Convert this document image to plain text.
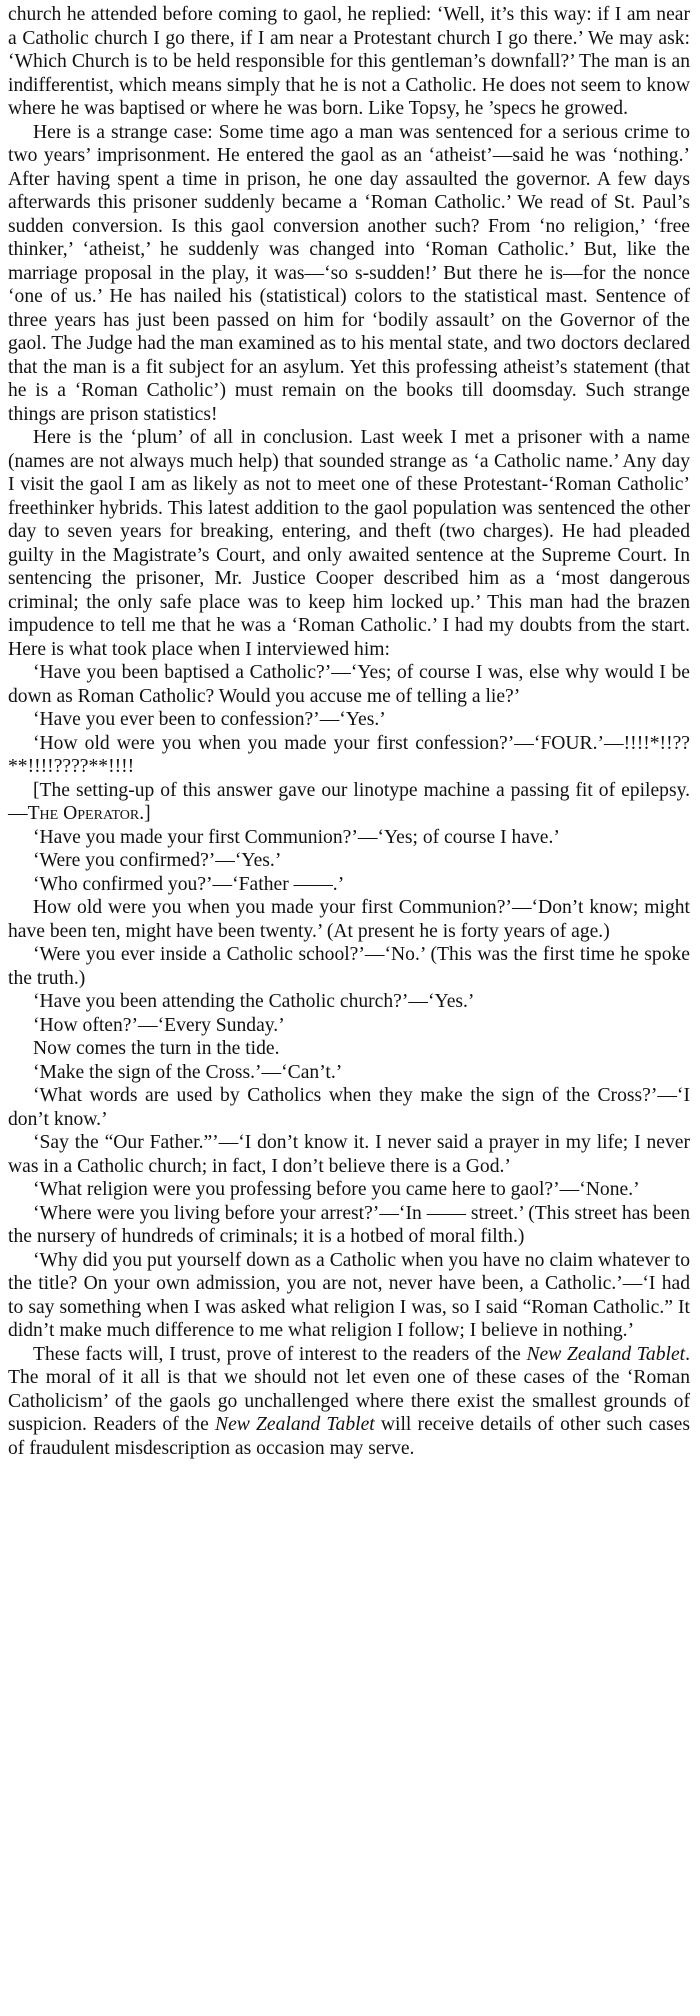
church he attended before coming to gaol, he replied: ‘Well, it’s this way: if I am near a Catholic church I go there, if I am near a Protestant church I go there.’ We may ask: ‘Which Church is to be held responsible for this gentleman’s downfall?’ The man is an indifferentist, which means simply that he is not a Catholic. He does not seem to know where he was baptised or where he was born. Like Topsy, he ’specs he growed.

Here is a strange case: Some time ago a man was sentenced for a serious crime to two years’ imprisonment. He entered the gaol as an ‘atheist’—said he was ‘nothing.’ After having spent a time in prison, he one day assaulted the governor. A few days afterwards this prisoner suddenly became a ‘Roman Catholic.’ We read of St. Paul’s sudden conversion. Is this gaol conversion another such? From ‘no religion,’ ‘free thinker,’ ‘atheist,’ he suddenly was changed into ‘Roman Catholic.’ But, like the marriage proposal in the play, it was—‘so s-sudden!’ But there he is—for the nonce ‘one of us.’ He has nailed his (statistical) colors to the statistical mast. Sentence of three years has just been passed on him for ‘bodily assault’ on the Governor of the gaol. The Judge had the man examined as to his mental state, and two doctors declared that the man is a fit subject for an asylum. Yet this professing atheist’s statement (that he is a ‘Roman Catholic’) must remain on the books till doomsday. Such strange things are prison statistics!

Here is the ‘plum’ of all in conclusion. Last week I met a prisoner with a name (names are not always much help) that sounded strange as ‘a Catholic name.’ Any day I visit the gaol I am as likely as not to meet one of these Protestant-‘Roman Catholic’ freethinker hybrids. This latest addition to the gaol population was sentenced the other day to seven years for breaking, entering, and theft (two charges). He had pleaded guilty in the Magistrate’s Court, and only awaited sentence at the Supreme Court. In sentencing the prisoner, Mr. Justice Cooper described him as a ‘most dangerous criminal; the only safe place was to keep him locked up.’ This man had the brazen impudence to tell me that he was a ‘Roman Catholic.’ I had my doubts from the start. Here is what took place when I interviewed him:

‘Have you been baptised a Catholic?’—‘Yes; of course I was, else why would I be down as Roman Catholic? Would you accuse me of telling a lie?’

‘Have you ever been to confession?’—‘Yes.’

‘How old were you when you made your first confession?’—‘FOUR.’—!!!!*!!??**!!!!????**!!!!

[The setting-up of this answer gave our linotype machine a passing fit of epilepsy.—The Operator.]

‘Have you made your first Communion?’—‘Yes; of course I have.’

‘Were you confirmed?’—‘Yes.’

‘Who confirmed you?’—‘Father ——.’

How old were you when you made your first Communion?’—‘Don’t know; might have been ten, might have been twenty.’ (At present he is forty years of age.)

‘Were you ever inside a Catholic school?’—‘No.’ (This was the first time he spoke the truth.)

‘Have you been attending the Catholic church?’—‘Yes.’

‘How often?’—‘Every Sunday.’

Now comes the turn in the tide.

‘Make the sign of the Cross.’—‘Can’t.’

‘What words are used by Catholics when they make the sign of the Cross?’—‘I don’t know.’

‘Say the “Our Father.”’—‘I don’t know it. I never said a prayer in my life; I never was in a Catholic church; in fact, I don’t believe there is a God.’

‘What religion were you professing before you came here to gaol?’—‘None.’

‘Where were you living before your arrest?’—‘In —— street.’ (This street has been the nursery of hundreds of criminals; it is a hotbed of moral filth.)

‘Why did you put yourself down as a Catholic when you have no claim whatever to the title? On your own admission, you are not, never have been, a Catholic.’—‘I had to say something when I was asked what religion I was, so I said “Roman Catholic.” It didn’t make much difference to me what religion I follow; I believe in nothing.’

These facts will, I trust, prove of interest to the readers of the New Zealand Tablet. The moral of it all is that we should not let even one of these cases of the ‘Roman Catholicism’ of the gaols go unchallenged where there exist the smallest grounds of suspicion. Readers of the New Zealand Tablet will receive details of other such cases of fraudulent misdescription as occasion may serve.
